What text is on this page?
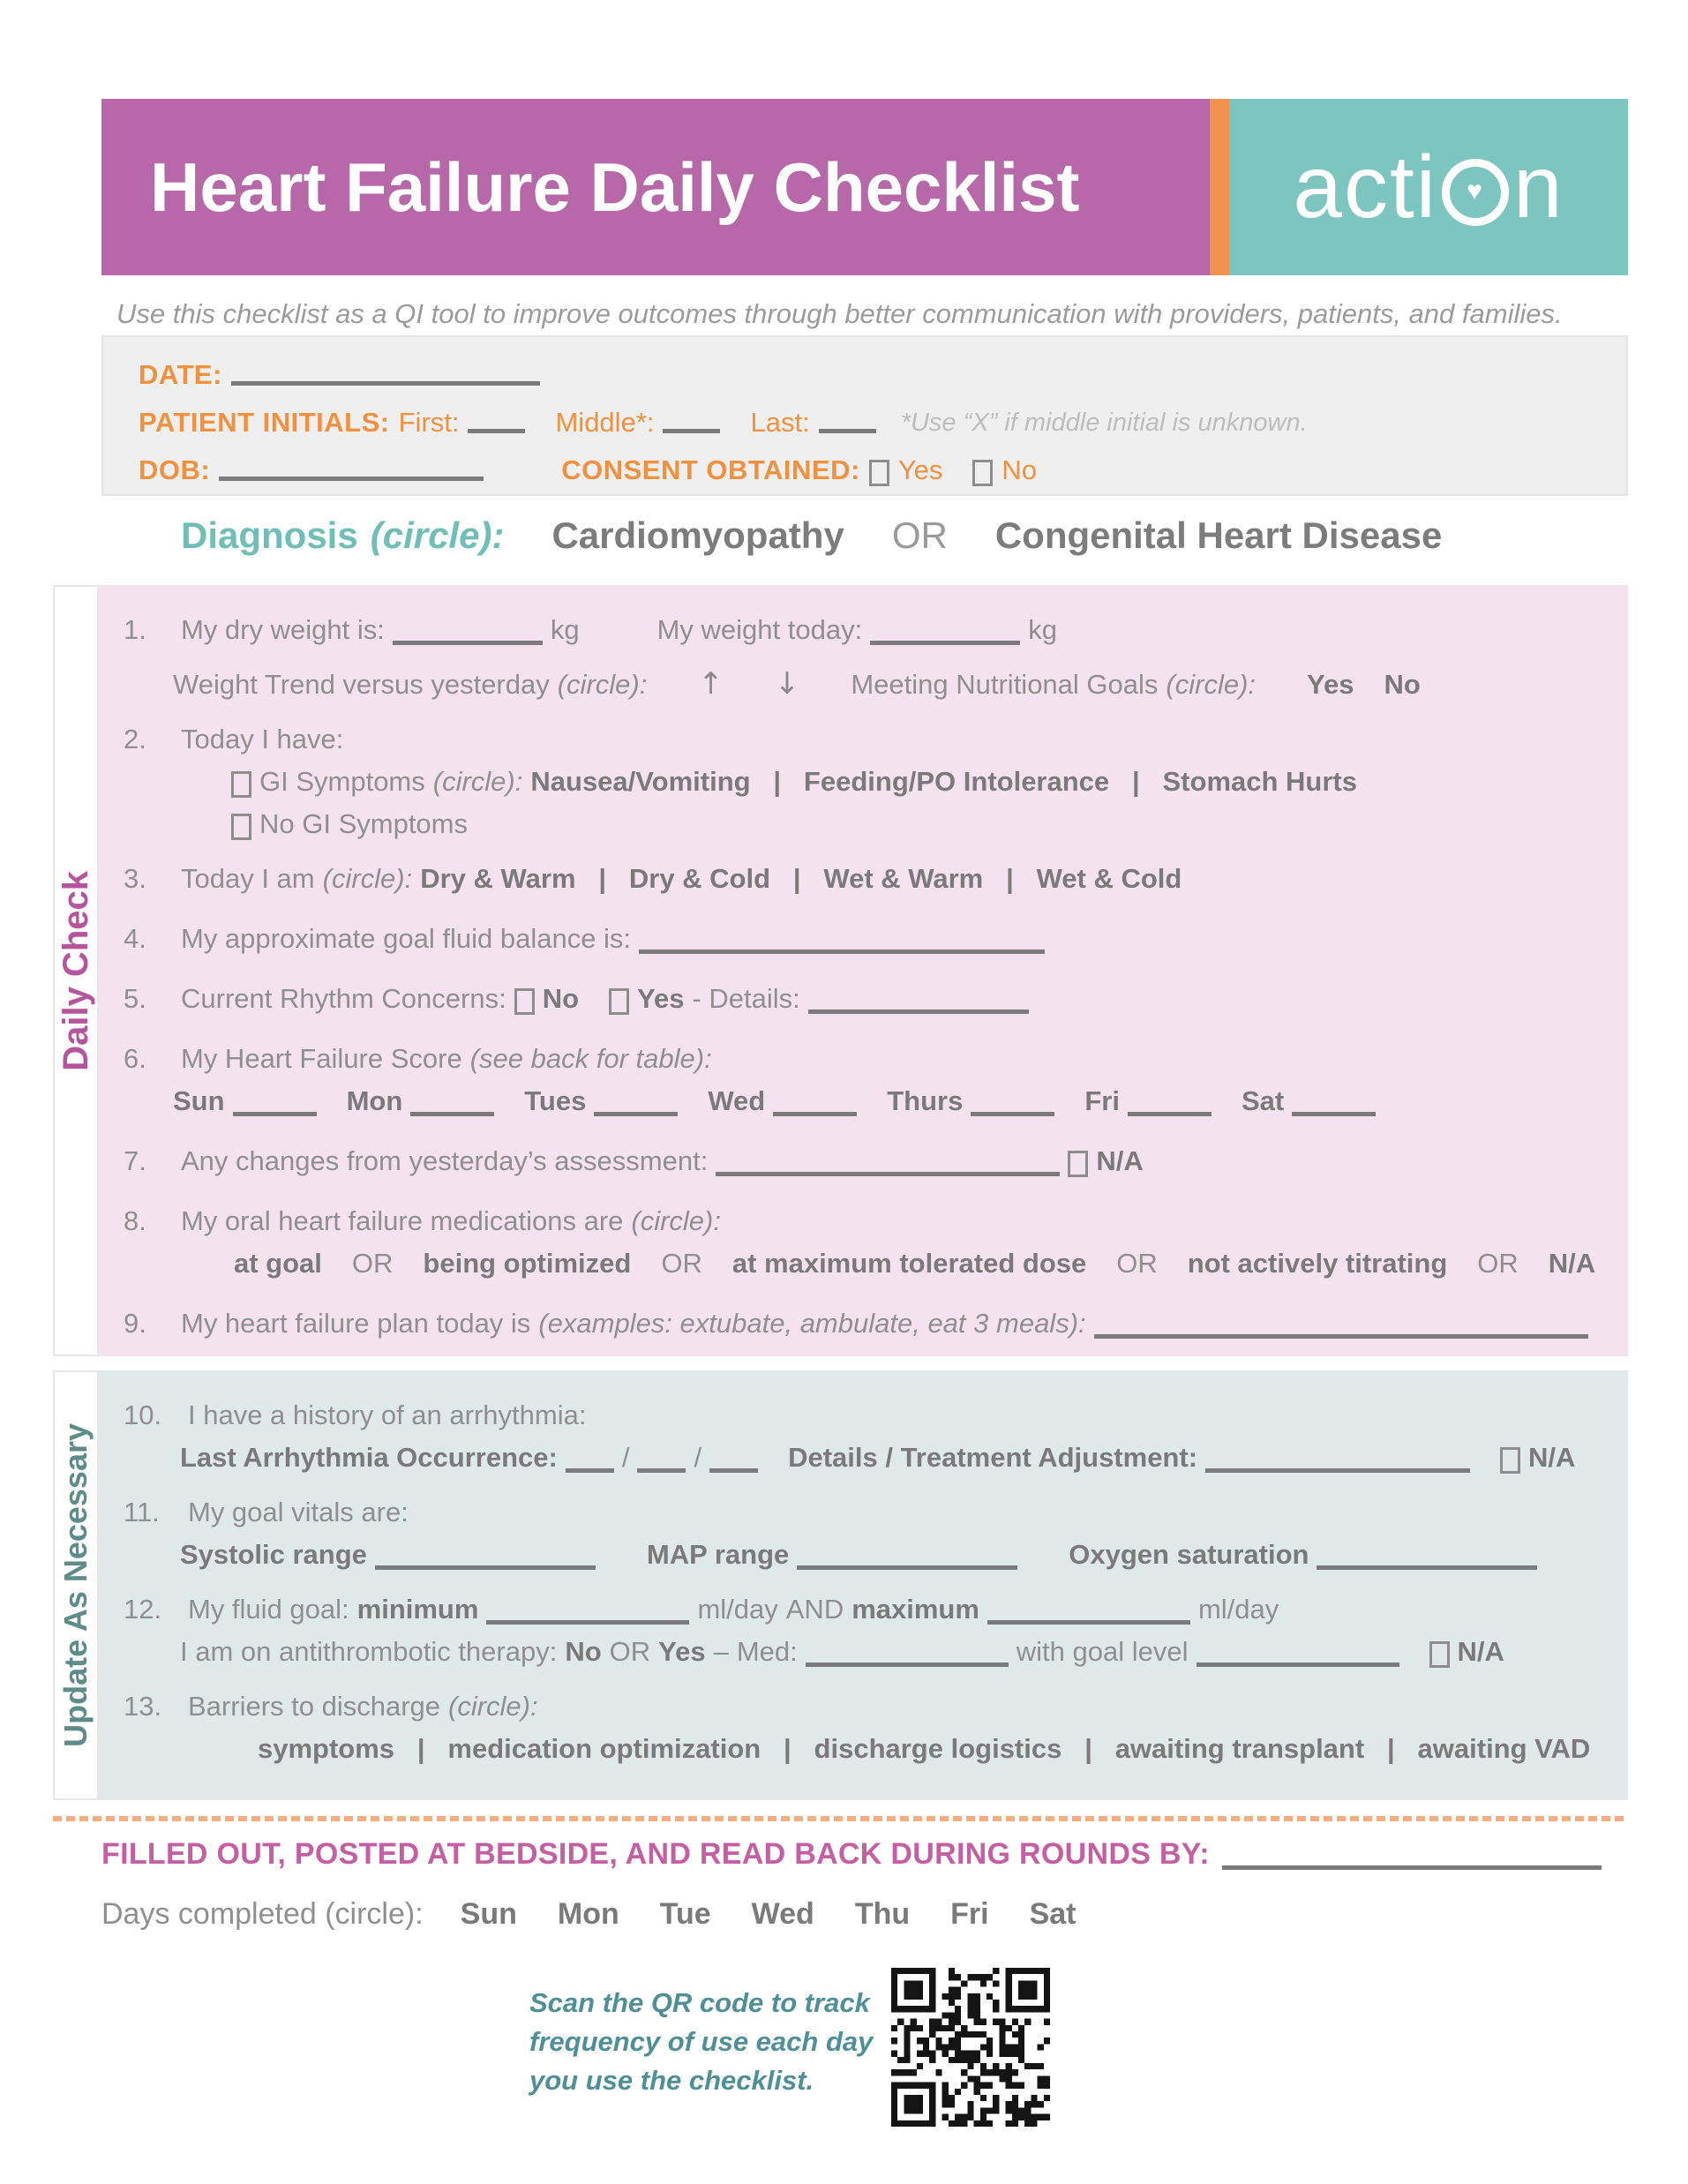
Heart Failure Daily Checklist acti ♥ n
Use this checklist as a QI tool to improve outcomes through better communication with providers, patients, and families.
DATE:
PATIENT INITIALS: First:	Middle*:	Last:	*Use “X” if middle initial is unknown.
DOB:	CONSENT OBTAINED: Yes No
Diagnosis (circle): Cardiomyopathy OR Congenital Heart Disease
Daily Check
1.	My dry weight is:	kg	My weight today:	kg
Weight Trend versus yesterday (circle): ↑ ↓ Meeting Nutritional Goals (circle): Yes No
2.	Today I have:
GI Symptoms (circle): Nausea/Vomiting   |   Feeding/PO Intolerance   |   Stomach Hurts
No GI Symptoms
3.	Today I am (circle): Dry & Warm   |   Dry & Cold   |   Wet & Warm   |   Wet & Cold
4.	My approximate goal fluid balance is:
5.	Current Rhythm Concerns: No Yes - Details:
6.	My Heart Failure Score (see back for table):
Sun	Mon	Tues	Wed	Thurs	Fri	Sat
7.	Any changes from yesterday’s assessment:	N/A
8.	My oral heart failure medications are (circle):
at goal OR being optimized OR at maximum tolerated dose OR not actively titrating OR N/A
9.	My heart failure plan today is (examples: extubate, ambulate, eat 3 meals):
Update As Necessary
10. I have a history of an arrhythmia:
Last Arrhythmia Occurrence: / /	Details / Treatment Adjustment:	N/A
11.	My goal vitals are:
Systolic range	MAP range	Oxygen saturation
12. My fluid goal: minimum	ml/day AND maximum	ml/day
I am on antithrombotic therapy: No OR Yes – Med:	with goal level	N/A
13. Barriers to discharge (circle):
symptoms   |   medication optimization   |   discharge logistics   |   awaiting transplant   |   awaiting VAD
FILLED OUT, POSTED AT BEDSIDE, AND READ BACK DURING ROUNDS BY:
Days completed (circle): Sun Mon Tue Wed Thu Fri Sat
Scan the QR code to track
frequency of use each day
you use the checklist.
